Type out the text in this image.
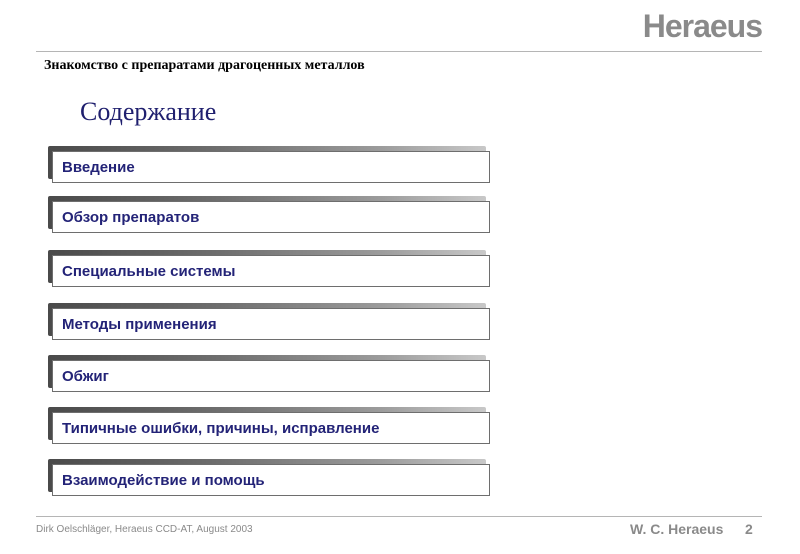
Heraeus
Знакомство с препаратами драгоценных металлов
Содержание
Введение
Обзор препаратов
Специальные системы
Методы применения
Обжиг
Типичные ошибки, причины, исправление
Взаимодействие и помощь
Dirk Oelschläger, Heraeus CCD-AT, August 2003	W. C. Heraeus 2
